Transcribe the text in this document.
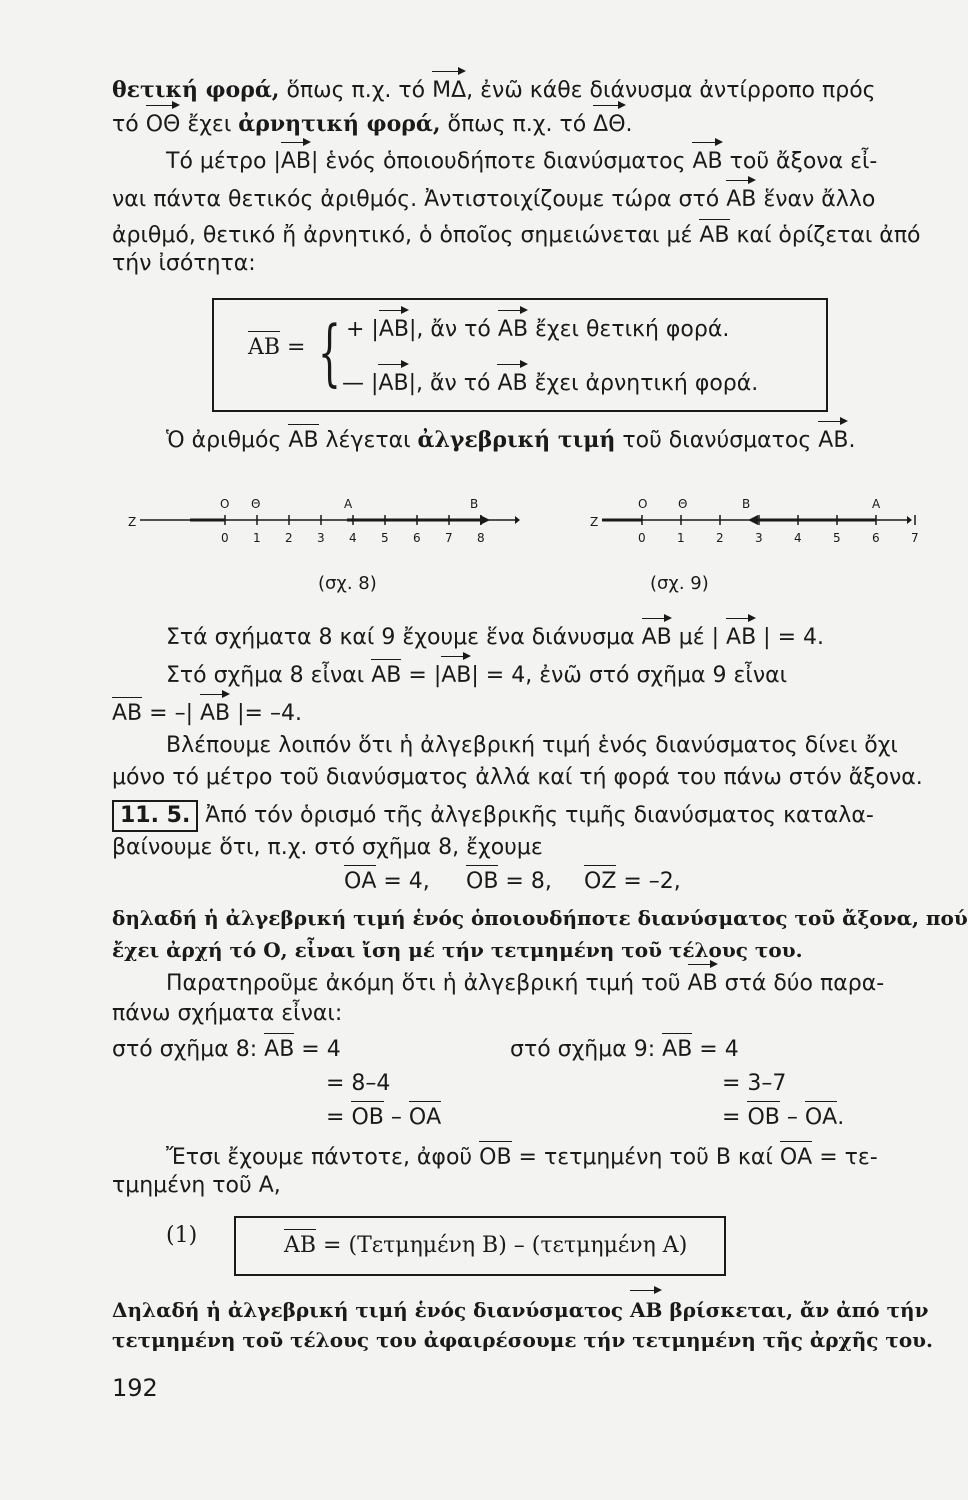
θετική φορά, ὅπως π.χ. τό ΜΔ, ἐνῶ κάθε διάνυσμα ἀντίρροπο πρός
τό ΟΘ ἔχει ἀρνητική φορά, ὅπως π.χ. τό ΔΘ.
Τό μέτρο |ΑΒ| ἑνός ὁποιουδήποτε διανύσματος ΑΒ τοῦ ἄξονα εἶ-
ναι πάντα θετικός ἀριθμός. Ἀντιστοιχίζουμε τώρα στό ΑΒ ἕναν ἄλλο
ἀριθμό, θετικό ἤ ἀρνητικό, ὁ ὁποῖος σημειώνεται μέ ΑΒ καί ὁρίζεται ἀπό
τήν ἰσότητα:
ΑΒ = { + |ΑΒ|, ἄν τό ΑΒ ἔχει θετική φορά.
— |ΑΒ|, ἄν τό ΑΒ ἔχει ἀρνητική φορά.
Ὁ ἀριθμός ΑΒ λέγεται ἀλγεβρική τιμή τοῦ διανύσματος ΑΒ.
Ζ
0 1 2 3 4 5 6 7 8
Ο Θ	Α	Β
(σχ. 8)
Ζ
0	1	2	3	4	5	6	7
Ο	Θ	Β	Α
(σχ. 9)
Στά σχήματα 8 καί 9 ἔχουμε ἕνα διάνυσμα ΑΒ μέ | ΑΒ | = 4.
Στό σχῆμα 8 εἶναι ΑΒ = |ΑΒ| = 4, ἐνῶ στό σχῆμα 9 εἶναι
ΑΒ = –| ΑΒ |= –4.
Βλέπουμε λοιπόν ὅτι ἡ ἀλγεβρική τιμή ἑνός διανύσματος δίνει ὄχι
μόνο τό μέτρο τοῦ διανύσματος ἀλλά καί τή φορά του πάνω στόν ἄξονα.
11. 5. Ἀπό τόν ὁρισμό τῆς ἀλγεβρικῆς τιμῆς διανύσματος καταλα-
βαίνουμε ὅτι, π.χ. στό σχῆμα 8, ἔχουμε
ΟΑ = 4, ΟΒ = 8, ΟΖ = –2,
δηλαδή ἡ ἀλγεβρική τιμή ἑνός ὁποιουδήποτε διανύσματος τοῦ ἄξονα, πού
ἔχει ἀρχή τό Ο, εἶναι ἴση μέ τήν τετμημένη τοῦ τέλους του.
Παρατηροῦμε ἀκόμη ὅτι ἡ ἀλγεβρική τιμή τοῦ ΑΒ στά δύο παρα-
πάνω σχήματα εἶναι:
στό σχῆμα 8: ΑΒ = 4
= 8–4
= ΟΒ – ΟΑ
στό σχῆμα 9: ΑΒ = 4
= 3–7
= ΟΒ – ΟΑ.
Ἔτσι ἔχουμε πάντοτε, ἀφοῦ ΟΒ = τετμημένη τοῦ Β καί ΟΑ = τε-
τμημένη τοῦ Α,
(1)	ΑΒ = (Τετμημένη Β) – (τετμημένη Α)
Δηλαδή ἡ ἀλγεβρική τιμή ἑνός διανύσματος ΑΒ βρίσκεται, ἄν ἀπό τήν
τετμημένη τοῦ τέλους του ἀφαιρέσουμε τήν τετμημένη τῆς ἀρχῆς του.
192
